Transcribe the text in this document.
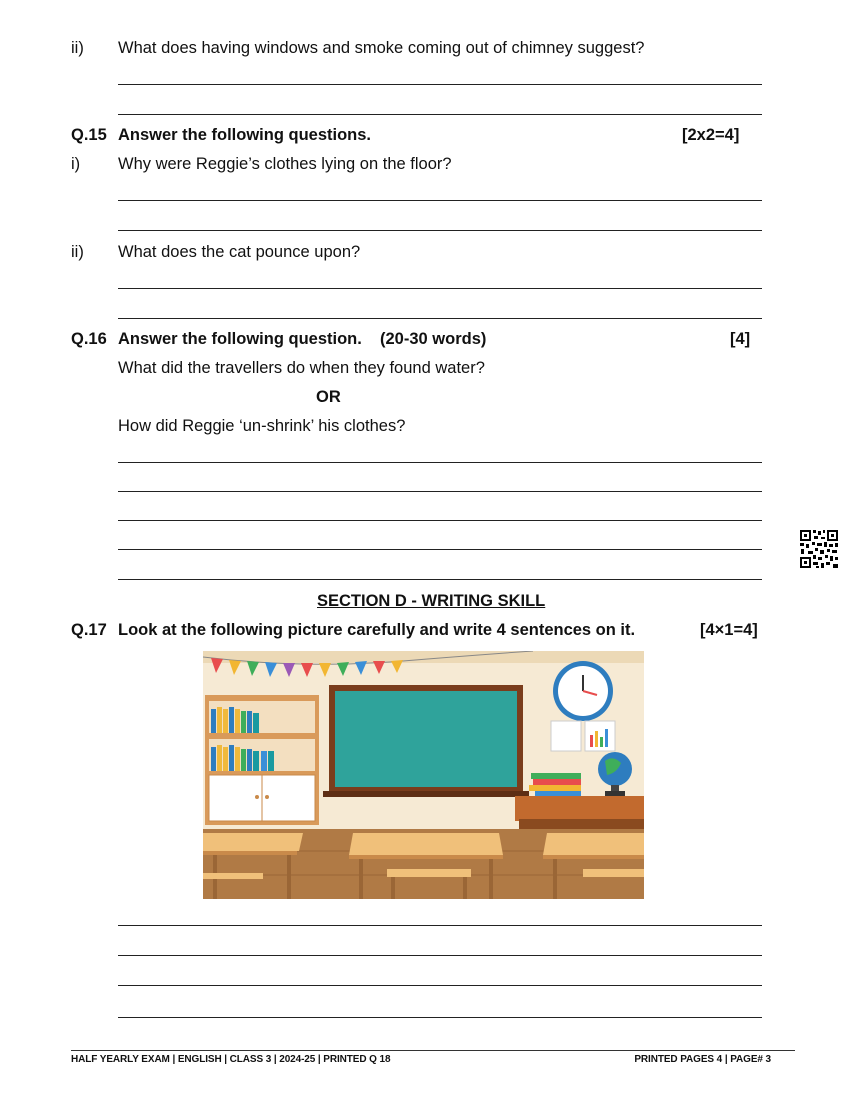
ii) What does having windows and smoke coming out of chimney suggest?
Q.15 Answer the following questions.	[2x2=4]
i) Why were Reggie’s clothes lying on the floor?
ii) What does the cat pounce upon?
Q.16 Answer the following question. (20-30 words)	[4]
What did the travellers do when they found water?
OR
How did Reggie ‘un-shrink’ his clothes?
SECTION D - WRITING SKILL
Q.17 Look at the following picture carefully and write 4 sentences on it.	[4×1=4]
HALF YEARLY EXAM | ENGLISH | CLASS 3 | 2024-25 | PRINTED Q 18	PRINTED PAGES 4 | PAGE# 3
